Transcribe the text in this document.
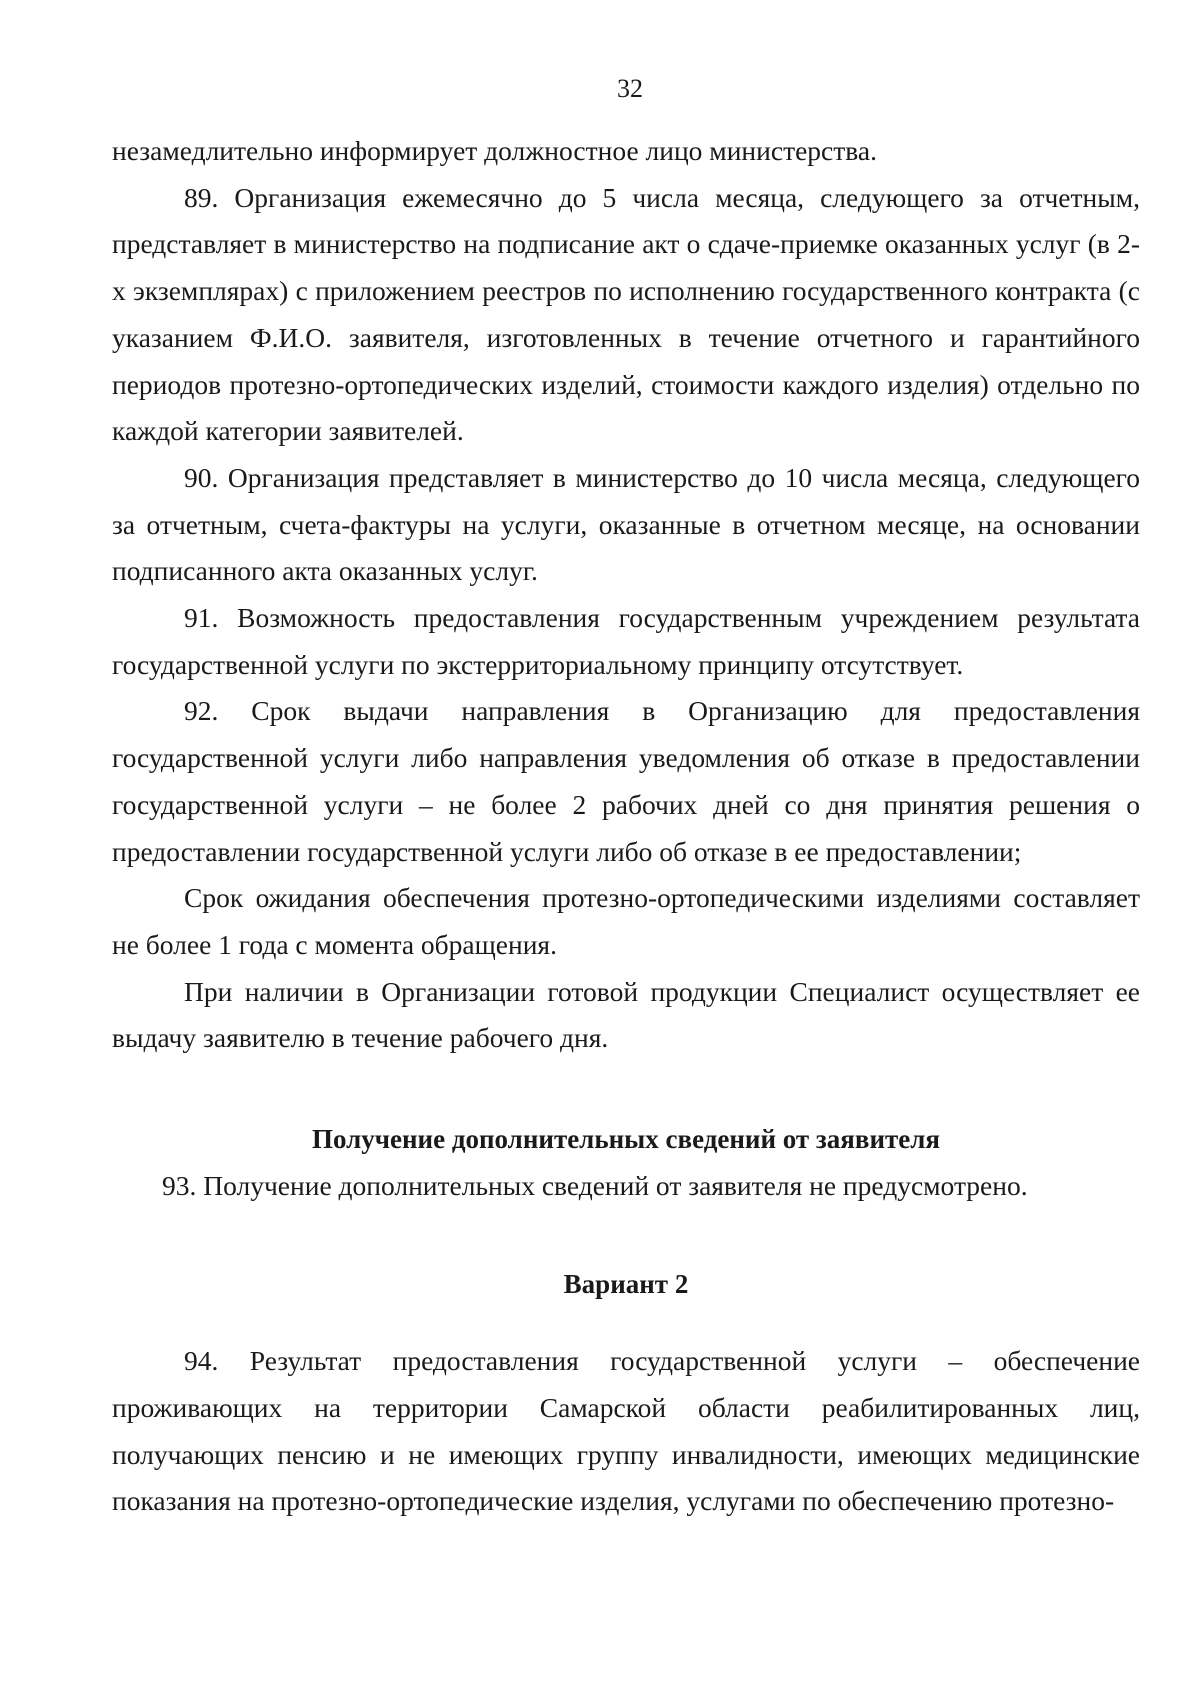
32

незамедлительно информирует должностное лицо министерства.

89. Организация ежемесячно до 5 числа месяца, следующего за отчетным, представляет в министерство на подписание акт о сдаче-приемке оказанных услуг (в 2-х экземплярах) с приложением реестров по исполнению государственного контракта (с указанием Ф.И.О. заявителя, изготовленных в течение отчетного и гарантийного периодов протезно-ортопедических изделий, стоимости каждого изделия) отдельно по каждой категории заявителей.

90. Организация представляет в министерство до 10 числа месяца, следующего за отчетным, счета-фактуры на услуги, оказанные в отчетном месяце, на основании подписанного акта оказанных услуг.

91. Возможность предоставления государственным учреждением результата государственной услуги по экстерриториальному принципу отсутствует.

92. Срок выдачи направления в Организацию для предоставления государственной услуги либо направления уведомления об отказе в предоставлении государственной услуги – не более 2 рабочих дней со дня принятия решения о предоставлении государственной услуги либо об отказе в ее предоставлении;

Срок ожидания обеспечения протезно-ортопедическими изделиями составляет не более 1 года с момента обращения.

При наличии в Организации готовой продукции Специалист осуществляет ее выдачу заявителю в течение рабочего дня.

Получение дополнительных сведений от заявителя

93. Получение дополнительных сведений от заявителя не предусмотрено.

Вариант 2

94. Результат предоставления государственной услуги – обеспечение проживающих на территории Самарской области реабилитированных лиц, получающих пенсию и не имеющих группу инвалидности, имеющих медицинские показания на протезно-ортопедические изделия, услугами по обеспечению протезно-
